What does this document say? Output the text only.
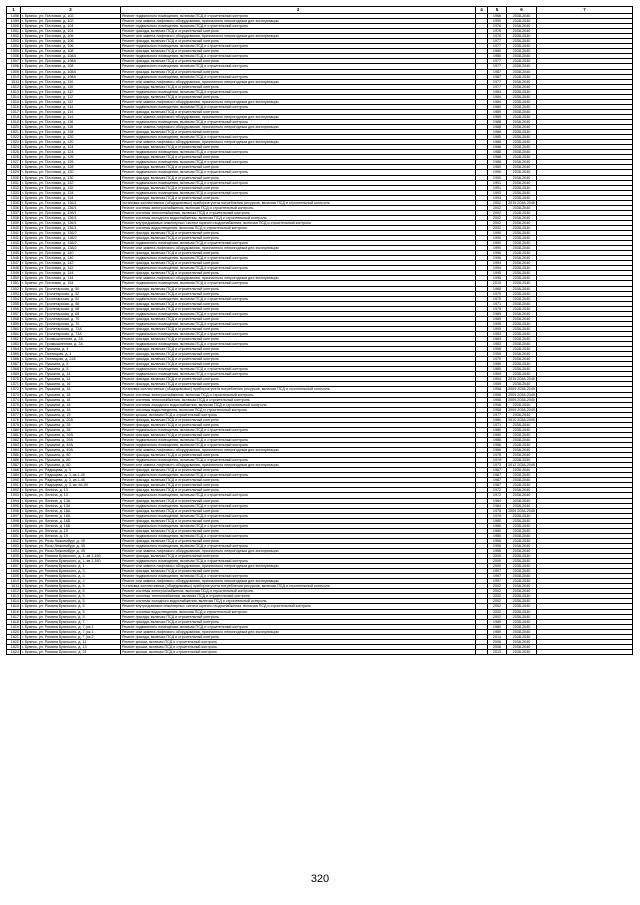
1	2	3	4	5	6	7
1498	г. Брянск, ул. Почтовая, д. 102	Ремонт подвального помещения, включая ПСД и строительный контроль		1966	2038-2040	
1499	г. Брянск, ул. Почтовая, д. 102	Ремонт или замена лифтового оборудования, признанного непригодным для эксплуатации		1990	2038-2040	
1500	г. Брянск, ул. Почтовая, д. 104	Ремонт подвального помещения, включая ПСД и строительный контроль		1976	2038-2040	
1501	г. Брянск, ул. Почтовая, д. 104	Ремонт фасада, включая ПСД и строительный контроль		1976	2038-2040	
1502	г. Брянск, ул. Почтовая, д. 106	Ремонт или замена лифтового оборудования, признанного непригодным для эксплуатации		1976	2038-2040	
1503	г. Брянск, ул. Почтовая, д. 106	Ремонт фасада, включая ПСД и строительный контроль		1977	2038-2040	
1504	г. Брянск, ул. Почтовая, д. 106	Ремонт подвального помещения, включая ПСД и строительный контроль		1977	2038-2040	
1505	г. Брянск, ул. Почтовая, д. 108	Ремонт фасада, включая ПСД и строительный контроль		1980	2038-2040	
1506	г. Брянск, ул. Почтовая, д. 108А	Ремонт подвального помещения, включая ПСД и строительный контроль		1980	2038-2040	
1507	г. Брянск, ул. Почтовая, д. 108А	Ремонт фасада, включая ПСД и строительный контроль		1977	2038-2040	
1508	г. Брянск, ул. Почтовая, д. 108	Ремонт подвального помещения, включая ПСД и строительный контроль		1977	2038-2040	
1509	г. Брянск, ул. Почтовая, д. 108А	Ремонт фасада, включая ПСД и строительный контроль		1987	2038-2040	
1510	г. Брянск, ул. Почтовая, д. 108А	Ремонт подвального помещения, включая ПСД и строительный контроль		1987	2038-2040	
1511	г. Брянск, ул. Почтовая, д. 110	Ремонт или замена лифтового оборудования, признанного непригодным для эксплуатации		1977	2038-2040	
1512	г. Брянск, ул. Почтовая, д. 110	Ремонт фасада, включая ПСД и строительный контроль		1977	2038-2040	
1513	г. Брянск, ул. Почтовая, д. 112	Ремонт подвального помещения, включая ПСД и строительный контроль		1984	2038-2040	
1514	г. Брянск, ул. Почтовая, д. 112	Ремонт фасада, включая ПСД и строительный контроль		1984	2038-2040	
1515	г. Брянск, ул. Почтовая, д. 112	Ремонт или замена лифтового оборудования, признанного непригодным для эксплуатации		1984	2038-2040	
1516	г. Брянск, ул. Почтовая, д. 114	Ремонт подвального помещения, включая ПСД и строительный контроль		1989	2038-2040	
1517	г. Брянск, ул. Почтовая, д. 114	Ремонт фасада, включая ПСД и строительный контроль		1989	2038-2040	
1518	г. Брянск, ул. Почтовая, д. 114	Ремонт или замена лифтового оборудования, признанного непригодным для эксплуатации		1989	2038-2040	
1519	г. Брянск, ул. Почтовая, д. 116	Ремонт подвального помещения, включая ПСД и строительный контроль		1988	2038-2040	
1520	г. Брянск, ул. Почтовая, д. 116	Ремонт или замена лифтового оборудования, признанного непригодным для эксплуатации		1988	2038-2040	
1521	г. Брянск, ул. Почтовая, д. 118	Ремонт фасада, включая ПСД и строительный контроль		1988	2038-2040	
1522	г. Брянск, ул. Почтовая, д. 120	Ремонт подвального помещения, включая ПСД и строительный контроль		1985	2038-2040	
1523	г. Брянск, ул. Почтовая, д. 120	Ремонт или замена лифтового оборудования, признанного непригодным для эксплуатации		1985	2038-2040	
1524	г. Брянск, ул. Почтовая, д. 124	Ремонт фасада, включая ПСД и строительный контроль		1988	2038-2040	
1525	г. Брянск, ул. Почтовая, д. 124	Ремонт подвального помещения, включая ПСД и строительный контроль		1988	2038-2040	
1526	г. Брянск, ул. Почтовая, д. 126	Ремонт фасада, включая ПСД и строительный контроль		1988	2038-2040	
1527	г. Брянск, ул. Почтовая, д. 126	Ремонт подвального помещения, включая ПСД и строительный контроль		1988	2038-2040	
1528	г. Брянск, ул. Почтовая, д. 128	Ремонт фасада, включая ПСД и строительный контроль		1989	2038-2040	
1529	г. Брянск, ул. Почтовая, д. 130	Ремонт подвального помещения, включая ПСД и строительный контроль		1990	2038-2040	
1530	г. Брянск, ул. Почтовая, д. 130	Ремонт фасада, включая ПСД и строительный контроль		1990	2038-2040	
1531	г. Брянск, ул. Почтовая, д. 132	Ремонт подвального помещения, включая ПСД и строительный контроль		1991	2038-2040	
1532	г. Брянск, ул. Почтовая, д. 132	Ремонт фасада, включая ПСД и строительный контроль		1991	2038-2040	
1533	г. Брянск, ул. Почтовая, д. 134	Ремонт подвального помещения, включая ПСД и строительный контроль		1993	2038-2040	
1534	г. Брянск, ул. Почтовая, д. 134	Ремонт фасада, включая ПСД и строительный контроль		1993	2038-2040	
1535	г. Брянск, ул. Почтовая, д. 136/1	Установка коллективных (общедомовых) приборов учета потребления ресурсов, включая ПСД и строительный контроль		2002	2015 2038-2040	
1536	г. Брянск, ул. Почтовая, д. 136/1	Ремонт системы электроснабжения, включая ПСД и строительный контроль		2002	2038-2040	
1537	г. Брянск, ул. Почтовая, д. 136/1	Ремонт системы теплоснабжения, включая ПСД и строительный контроль		2002	2038-2040	
1538	г. Брянск, ул. Почтовая, д. 136/1	Ремонт системы холодного водоснабжения, включая ПСД и строительный контроль		2002	2038-2040	
1539	г. Брянск, ул. Почтовая, д. 136/1	Ремонт внутридомовых инженерных систем горячего водоснабжения, включая ПСД и строительный контроль		2002	2038-2040	
1540	г. Брянск, ул. Почтовая, д. 136/1	Ремонт системы водоотведения, включая ПСД и строительный контроль		2002	2038-2040	
1541	г. Брянск, ул. Почтовая, д. 136/2	Ремонт фасада, включая ПСД и строительный контроль		1990	2038-2040	
1542	г. Брянск, ул. Почтовая, д. 138/2	Ремонт фасада, включая ПСД и строительный контроль		1990	2038-2040	
1543	г. Брянск, ул. Почтовая, д. 138/2	Ремонт подвального помещения, включая ПСД и строительный контроль		1990	2038-2040	
1544	г. Брянск, ул. Почтовая, д. 138/2	Ремонт или замена лифтового оборудования, признанного непригодным для эксплуатации		1990	2038-2040	
1545	г. Брянск, ул. Почтовая, д. 140	Ремонт фасада, включая ПСД и строительный контроль		1996	2038-2040	
1546	г. Брянск, ул. Почтовая, д. 140	Ремонт подвального помещения, включая ПСД и строительный контроль		1996	2038-2040	
1547	г. Брянск, ул. Почтовая, д. 142	Ремонт фасада, включая ПСД и строительный контроль		1994	2038-2040	
1548	г. Брянск, ул. Почтовая, д. 142	Ремонт подвального помещения, включая ПСД и строительный контроль		1994	2038-2040	
1549	г. Брянск, ул. Почтовая, д. 144	Ремонт фасада, включая ПСД и строительный контроль		1995	2038-2040	
1550	г. Брянск, ул. Почтовая, д. 144	Ремонт или замена лифтового оборудования, признанного непригодным для эксплуатации		1995	2038-2040	
1551	г. Брянск, ул. Почтовая, д. 154	Ремонт подвального помещения, включая ПСД и строительный контроль		2015	2038-2040	
1552	г. Брянск, ул. Пролетарская, д. 50	Ремонт фасада, включая ПСД и строительный контроль		1968	2038-2040	
1553	г. Брянск, ул. Пролетарская, д. 52	Ремонт фасада, включая ПСД и строительный контроль		1970	2038-2040	
1554	г. Брянск, ул. Пролетарская, д. 52	Ремонт подвального помещения, включая ПСД и строительный контроль		1970	2038-2040	
1555	г. Брянск, ул. Пролетарская, д. 66	Ремонт фасада, включая ПСД и строительный контроль		1971	2038-2040	
1556	г. Брянск, ул. Пролетарская, д. 68	Ремонт фасада, включая ПСД и строительный контроль		1975	2038-2040	
1557	г. Брянск, ул. Пролетарская, д. 68	Ремонт подвального помещения, включая ПСД и строительный контроль		1989	2038-2040	
1558	г. Брянск, ул. Пролетарская, д. 70	Ремонт фасада, включая ПСД и строительный контроль		1989	2038-2040	
1559	г. Брянск, ул. Пролетарская, д. 70	Ремонт подвального помещения, включая ПСД и строительный контроль		1995	2038-2040	
1560	г. Брянск, ул. Пролетарская, д. 72А	Ремонт фасада, включая ПСД и строительный контроль		1995	2038-2040	
1561	г. Брянск, ул. Пролетарская, д. 72А	Ремонт подвального помещения, включая ПСД и строительный контроль		1983	2038-2040	
1562	г. Брянск, ул. Промышленная, д. 2А	Ремонт фасада, включая ПСД и строительный контроль		1983	2038-2040	
1563	г. Брянск, ул. Промышленная, д. 2А	Ремонт подвального помещения, включая ПСД и строительный контроль		1983	2038-2040	
1564	г. Брянск, ул. Пушкина, д. 4	Ремонт фасада, включая ПСД и строительный контроль		1958	2038-2040	
1565	г. Брянск, ул. Пятницкая, д. 4	Ремонт фасада, включая ПСД и строительный контроль		1959	2038-2040	
1566	г. Брянск, ул. Пятницкая, д. 228	Ремонт фасада, включая ПСД и строительный контроль		1970	2038-2040	
1567	г. Брянск, ул. Пушкина, д. 8	Ремонт фасада, включая ПСД и строительный контроль		1985	2038-2040	
1568	г. Брянск, ул. Пушкина, д. 8	Ремонт подвального помещения, включая ПСД и строительный контроль		1985	2038-2040	
1569	г. Брянск, ул. Пушкина, д. 14	Ремонт подвального помещения, включая ПСД и строительный контроль		1969	2038-2040	
1570	г. Брянск, ул. Пушкина, д. 14	Ремонт фасада, включая ПСД и строительный контроль		1954	2015 2038-2040	
1571	г. Брянск, ул. Пушкина, д. 16	Ремонт фасада, включая ПСД и строительный контроль		1959	2038-2040	
1572	г. Брянск, ул. Пушкина, д. 18	Установка коллективных (общедомовых) приборов учета потребления ресурсов, включая ПСД и строительный контроль		1958	2009 2038-2040	
1573	г. Брянск, ул. Пушкина, д. 18	Ремонт системы электроснабжения, включая ПСД и строительный контроль		1958	2009 2038-2040	
1574	г. Брянск, ул. Пушкина, д. 18	Ремонт системы теплоснабжения, включая ПСД и строительный контроль		1958	2009 2038-2040	
1575	г. Брянск, ул. Пушкина, д. 18	Ремонт системы холодного водоснабжения, включая ПСД и строительный контроль		1958	2038-2040	
1576	г. Брянск, ул. Пушкина, д. 18	Ремонт системы водоотведения, включая ПСД и строительный контроль		1958	2009 2038-2040	
1577	г. Брянск, ул. Пушкина, д. 19	Ремонт крыши, включая ПСД и строительный контроль		1977	2038-2040	
1578	г. Брянск, ул. Пушкина, д. 20А	Ремонт фасада, включая ПСД и строительный контроль		1960	2010 2038-2040	
1579	г. Брянск, ул. Пушкина, д. 28	Ремонт фасада, включая ПСД и строительный контроль		1971	2038-2040	
1580	г. Брянск, ул. Пушкина, д. 28	Ремонт подвального помещения, включая ПСД и строительный контроль		1980	2038-2040	
1581	г. Брянск, ул. Пушкина, д. 29А	Ремонт фасада, включая ПСД и строительный контроль		1980	2038-2040	
1582	г. Брянск, ул. Пушкина, д. 29А	Ремонт подвального помещения, включая ПСД и строительный контроль		1986	2038-2040	
1583	г. Брянск, ул. Пушкина, д. 49А	Ремонт подвального помещения, включая ПСД и строительный контроль		1986	2038-2040	
1584	г. Брянск, ул. Пушкина, д. 49А	Ремонт или замена лифтового оборудования, признанного непригодным для эксплуатации		1986	2038-2040	
1585	г. Брянск, ул. Пушкина, д. 80	Ремонт фасада, включая ПСД и строительный контроль		1978	2038-2040	
1586	г. Брянск, ул. Пушкина, д. 80	Ремонт подвального помещения, включая ПСД и строительный контроль		1978	2038-2040	
1587	г. Брянск, ул. Пушкина, д. 80	Ремонт или замена лифтового оборудования, признанного непригодным для эксплуатации		1973	2012 2038-2040	
1588	г. Брянск, ул. Радищева, д. 3	Ремонт фасада, включая ПСД и строительный контроль		1987	2038-2040	
1589	г. Брянск, ул. Радищева, д. 3, кв.1-45	Ремонт подвального помещения, включая ПСД и строительный контроль		1987	2038-2040	
1590	г. Брянск, ул. Радищева, д. 3, кв.1-45	Ремонт фасада, включая ПСД и строительный контроль		1987	2038-2040	
1591	г. Брянск, ул. Радищева, д. 3, кв. 46-90	Ремонт фасада, включая ПСД и строительный контроль		1987	2038-2040	
1592	г. Брянск, ул. Ленина, д. 13	Ремонт фасада, включая ПСД и строительный контроль		1972	2038-2040	
1593	г. Брянск, ул. Ленина, д. 13	Ремонт подвального помещения, включая ПСД и строительный контроль		1972	2038-2040	
1594	г. Брянск, ул. Ленина, д. 13А	Ремонт фасада, включая ПСД и строительный контроль		1984	2038-2040	
1595	г. Брянск, ул. Ленина, д. 13А	Ремонт подвального помещения, включая ПСД и строительный контроль		1984	2038-2040	
1596	г. Брянск, ул. Ленина, д. 16А	Ремонт фасада, включая ПСД и строительный контроль		1978	2009 2038-2040	
1597	г. Брянск, ул. Ленина, д. 16А	Ремонт подвального помещения, включая ПСД и строительный контроль		1978	2038-2040	
1598	г. Брянск, ул. Ленина, д. 16Б	Ремонт фасада, включая ПСД и строительный контроль		1980	2038-2040	
1599	г. Брянск, ул. Ленина, д. 16Б	Ремонт подвального помещения, включая ПСД и строительный контроль		1980	2038-2040	
1600	г. Брянск, ул. Ленина, д. 19	Ремонт фасада, включая ПСД и строительный контроль		1980	2038-2040	
1601	г. Брянск, ул. Ленина, д. 19	Ремонт подвального помещения, включая ПСД и строительный контроль		1980	2038-2040	
1602	г. Брянск, ул. Розы Люксембург, д. 45	Ремонт фасада, включая ПСД и строительный контроль		1956	2038-2040	
1603	г. Брянск, ул. Розы Люксембург, д. 45	Ремонт подвального помещения, включая ПСД и строительный контроль		1956	2038-2040	
1604	г. Брянск, ул. Розы Люксембург, д. 45	Ремонт или замена лифтового оборудования, признанного непригодным для эксплуатации		1956	2038-2040	
1605	г. Брянск, ул. Романа Брянского, д. 1, кв.1-160	Ремонт фасада, включая ПСД и строительный контроль		2000	2038-2040	
1606	г. Брянск, ул. Романа Брянского, д. 1, кв.1-160	Ремонт подвального помещения, включая ПСД и строительный контроль		2000	2038-2040	
1607	г. Брянск, ул. Романа Брянского, д. 1	Ремонт или замена лифтового оборудования, признанного непригодным для эксплуатации		2000	2038-2040	
1608	г. Брянск, ул. Романа Брянского, д. 3	Ремонт фасада, включая ПСД и строительный контроль		1997	2038-2040	
1609	г. Брянск, ул. Романа Брянского, д. 3	Ремонт подвального помещения, включая ПСД и строительный контроль		1997	2038-2040	
1610	г. Брянск, ул. Романа Брянского, д. 3	Ремонт или замена лифтового оборудования, признанного непригодным для эксплуатации		1997	2038-2040	
1611	г. Брянск, ул. Романа Брянского, д. 5	Установка коллективных (общедомовых) приборов учета потребления ресурсов, включая ПСД и строительный контроль		2002	2038-2040	
1612	г. Брянск, ул. Романа Брянского, д. 5	Ремонт системы электроснабжения, включая ПСД и строительный контроль		2002	2038-2040	
1613	г. Брянск, ул. Романа Брянского, д. 5	Ремонт системы теплоснабжения, включая ПСД и строительный контроль		2002	2038-2040	
1614	г. Брянск, ул. Романа Брянского, д. 5	Ремонт системы холодного водоснабжения, включая ПСД и строительный контроль		2002	2038-2040	
1615	г. Брянск, ул. Романа Брянского, д. 5	Ремонт внутридомовых инженерных систем горячего водоснабжения, включая ПСД и строительный контроль		2002	2038-2040	
1616	г. Брянск, ул. Романа Брянского, д. 5	Ремонт системы водоотведения, включая ПСД и строительный контроль		2002	2038-2040	
1617	г. Брянск, ул. Романа Брянского, д. 5	Ремонт фасада, включая ПСД и строительный контроль		2002	2038-2040	
1618	г. Брянск, ул. Романа Брянского, д. 7	Ремонт фасада, включая ПСД и строительный контроль		1989	2038-2040	
1619	г. Брянск, ул. Романа Брянского, д. 7 (ок.1	Ремонт подвального помещения, включая ПСД и строительный контроль		1989	2038-2040	
1620	г. Брянск, ул. Романа Брянского, д. 7 (ок.1	Ремонт или замена лифтового оборудования, признанного непригодным для эксплуатации		1989	2038-2040	
1621	г. Брянск, ул. Романа Брянского, д. 7 (ок.2	Ремонт фасада, включая ПСД и строительный контроль		2014	2038-2040	
1622	г. Брянск, ул. Романа Брянского, д. 11	Ремонт крыши, включая ПСД и строительный контроль		2006	2038-2040	
1623	г. Брянск, ул. Романа Брянского, д. 13	Ремонт крыши, включая ПСД и строительный контроль		2008	2038-2040	
1624	г. Брянск, ул. Романа Брянского, д. 21	Ремонт крыши, включая ПСД и строительный контроль		2013	2038-2040	
320
